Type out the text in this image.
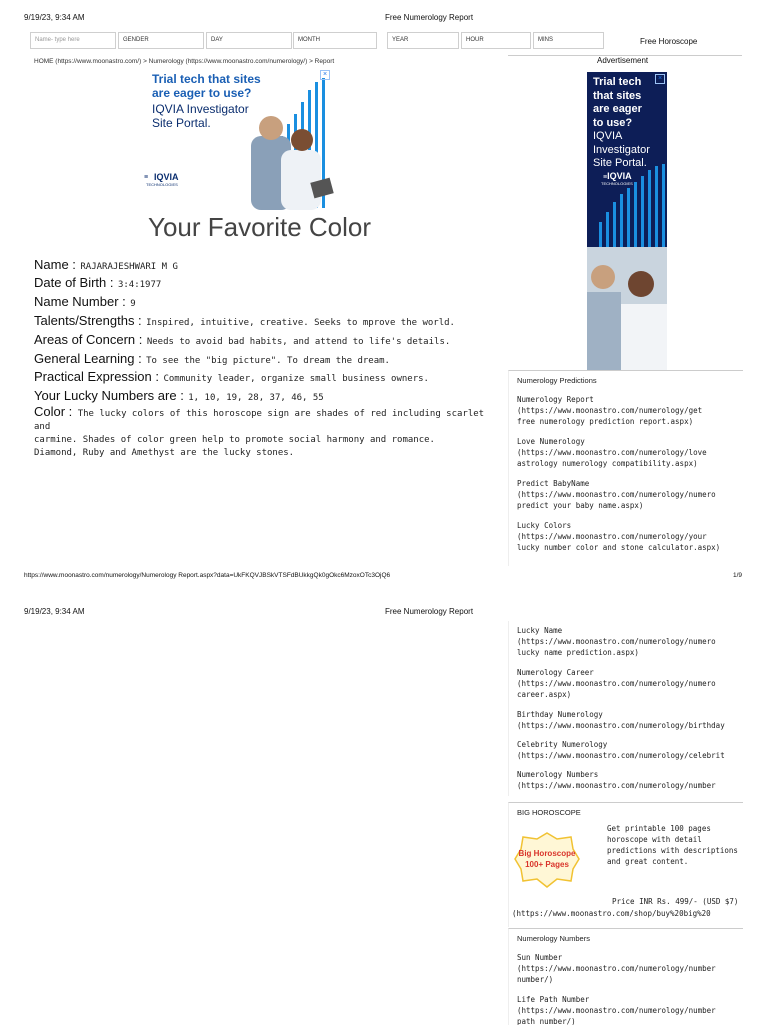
9/19/23, 9:34 AM	Free Numerology Report
Name- type here	GENDER	DAY	MONTH	YEAR	HOUR	MINS	Free Horoscope
HOME (https://www.moonastro.com/) > Numerology (https://www.moonastro.com/numerology/) > Report	Advertisement
×
Trial tech that sites
are eager to use?
IQVIA Investigator
Site Portal.
IQVIA
≡
TECHNOLOGIES
×
Trial tech
that sites
are eager
to use?
IQVIA
Investigator
Site Portal.
≡IQVIA
TECHNOLOGIES
Your Favorite Color
Name : RAJARAJESHWARI M G
Date of Birth : 3:4:1977
Name Number : 9
Talents/Strengths : Inspired, intuitive, creative. Seeks to mprove the world.
Areas of Concern : Needs to avoid bad habits, and attend to life's details.
General Learning : To see the "big picture". To dream the dream.
Practical Expression : Community leader, organize small business owners.
Your Lucky Numbers are : 1, 10, 19, 28, 37, 46, 55
Color : The lucky colors of this horoscope sign are shades of red including scarlet and
carmine. Shades of color green help to promote social harmony and romance.
Diamond, Ruby and Amethyst are the lucky stones.
Numerology Predictions
Numerology Report
(https://www.moonastro.com/numerology/get
free numerology prediction report.aspx)
Love Numerology
(https://www.moonastro.com/numerology/love
astrology numerology compatibility.aspx)
Predict BabyName
(https://www.moonastro.com/numerology/numero
predict your baby name.aspx)
Lucky Colors
(https://www.moonastro.com/numerology/your
lucky number color and stone calculator.aspx)
https://www.moonastro.com/numerology/Numerology Report.aspx?data=UkFKQVJBSkVTSFdBUkkgQk0gOkc6MzoxOTc3OjQ6	1/9
9/19/23, 9:34 AM	Free Numerology Report
Lucky Name
(https://www.moonastro.com/numerology/numero
lucky name prediction.aspx)
Numerology Career
(https://www.moonastro.com/numerology/numero
career.aspx)
Birthday Numerology
(https://www.moonastro.com/numerology/birthday
Celebrity Numerology
(https://www.moonastro.com/numerology/celebrit
Numerology Numbers
(https://www.moonastro.com/numerology/number
BIG HOROSCOPE
Big Horoscope
100+ Pages
Get printable 100 pages
horoscope with detail
predictions with descriptions
and great content.
Price INR Rs. 499/- (USD $7)
(https://www.moonastro.com/shop/buy%20big%20
Numerology Numbers
Sun Number
(https://www.moonastro.com/numerology/number
number/)
Life Path Number
(https://www.moonastro.com/numerology/number
path number/)
